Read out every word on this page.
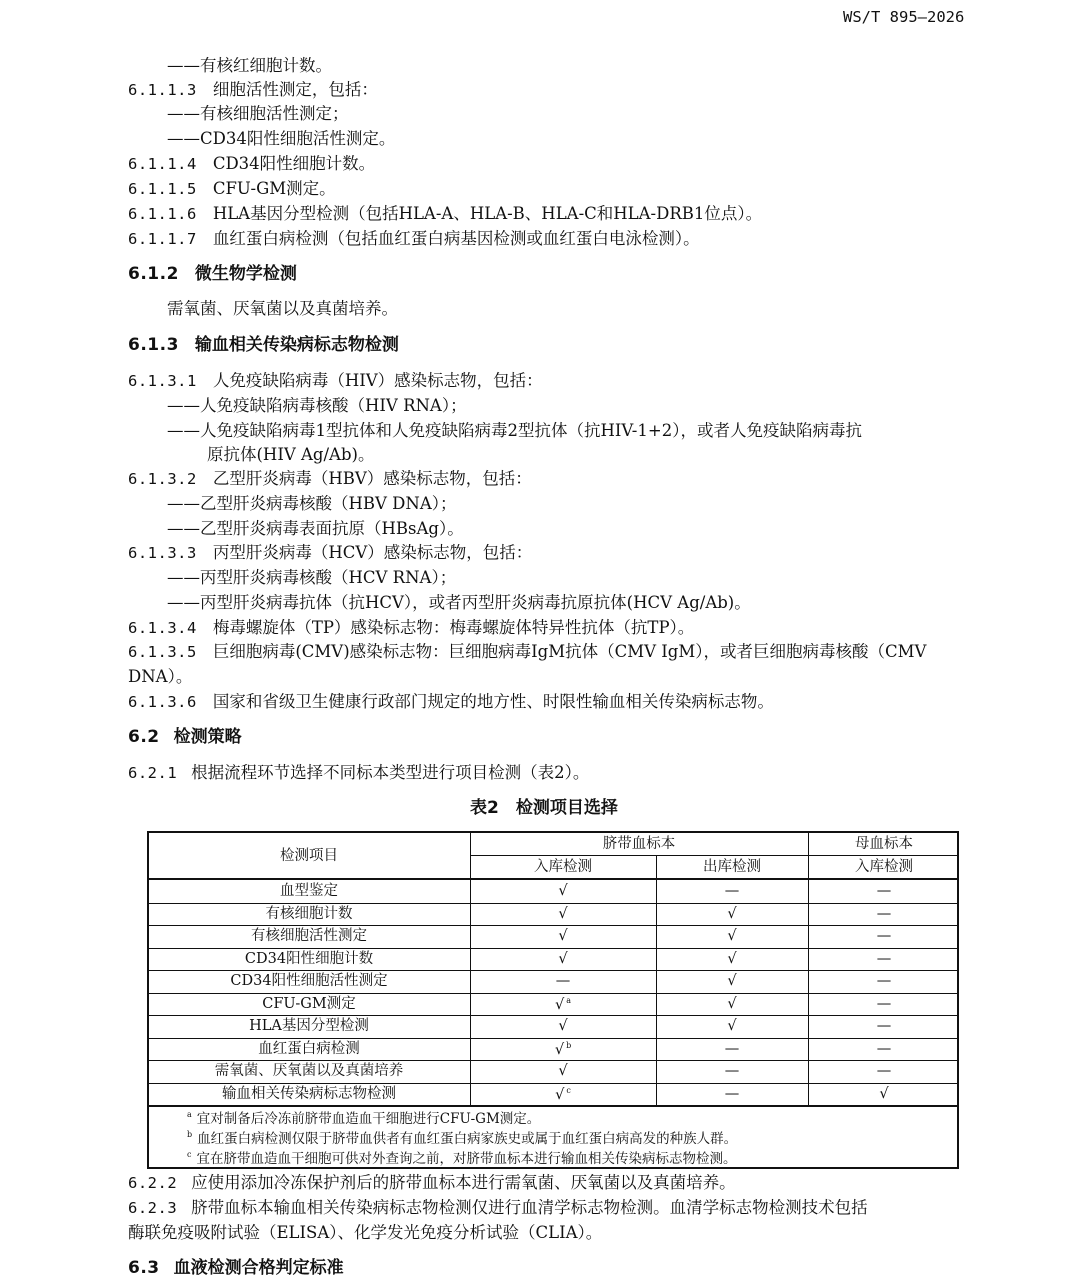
WS/T 895—2026
——有核红细胞计数。
6.1.1.3 细胞活性测定，包括：
——有核细胞活性测定；
——CD34阳性细胞活性测定。
6.1.1.4 CD34阳性细胞计数。
6.1.1.5 CFU-GM测定。
6.1.1.6 HLA基因分型检测（包括HLA-A、HLA-B、HLA-C和HLA-DRB1位点）。
6.1.1.7 血红蛋白病检测（包括血红蛋白病基因检测或血红蛋白电泳检测）。
6.1.2 微生物学检测
需氧菌、厌氧菌以及真菌培养。
6.1.3 输血相关传染病标志物检测
6.1.3.1 人免疫缺陷病毒（HIV）感染标志物，包括：
——人免疫缺陷病毒核酸（HIV RNA）；
——人免疫缺陷病毒1型抗体和人免疫缺陷病毒2型抗体（抗HIV-1+2），或者人免疫缺陷病毒抗
原抗体(HIV Ag/Ab)。
6.1.3.2 乙型肝炎病毒（HBV）感染标志物，包括：
——乙型肝炎病毒核酸（HBV DNA）；
——乙型肝炎病毒表面抗原（HBsAg）。
6.1.3.3 丙型肝炎病毒（HCV）感染标志物，包括：
——丙型肝炎病毒核酸（HCV RNA）；
——丙型肝炎病毒抗体（抗HCV），或者丙型肝炎病毒抗原抗体(HCV Ag/Ab)。
6.1.3.4 梅毒螺旋体（TP）感染标志物：梅毒螺旋体特异性抗体（抗TP）。
6.1.3.5 巨细胞病毒(CMV)感染标志物：巨细胞病毒IgM抗体（CMV IgM），或者巨细胞病毒核酸（CMV
DNA）。
6.1.3.6 国家和省级卫生健康行政部门规定的地方性、时限性输血相关传染病标志物。
6.2 检测策略
6.2.1 根据流程环节选择不同标本类型进行项目检测（表2）。
表2　检测项目选择
检测项目
脐带血标本	母血标本
入库检测	出库检测	入库检测
血型鉴定	√	—	—
有核细胞计数	√	√	—
有核细胞活性测定	√	√	—
CD34阳性细胞计数	√	√	—
CD34阳性细胞活性测定	—	√	—
CFU-GM测定	√ $^a$	√	—
HLA基因分型检测	√	√	—
血红蛋白病检测	√ $^b$	—	—
需氧菌、厌氧菌以及真菌培养	√	—	—
输血相关传染病标志物检测	√ $^c$	—	√
$^a$ 宜对制备后冷冻前脐带血造血干细胞进行CFU-GM测定。
$^b$ 血红蛋白病检测仅限于脐带血供者有血红蛋白病家族史或属于血红蛋白病高发的种族人群。
$^c$ 宜在脐带血造血干细胞可供对外查询之前，对脐带血标本进行输血相关传染病标志物检测。
6.2.2 应使用添加冷冻保护剂后的脐带血标本进行需氧菌、厌氧菌以及真菌培养。
6.2.3 脐带血标本输血相关传染病标志物检测仅进行血清学标志物检测。血清学标志物检测技术包括
酶联免疫吸附试验（ELISA）、化学发光免疫分析试验（CLIA）。
6.3 血液检测合格判定标准
